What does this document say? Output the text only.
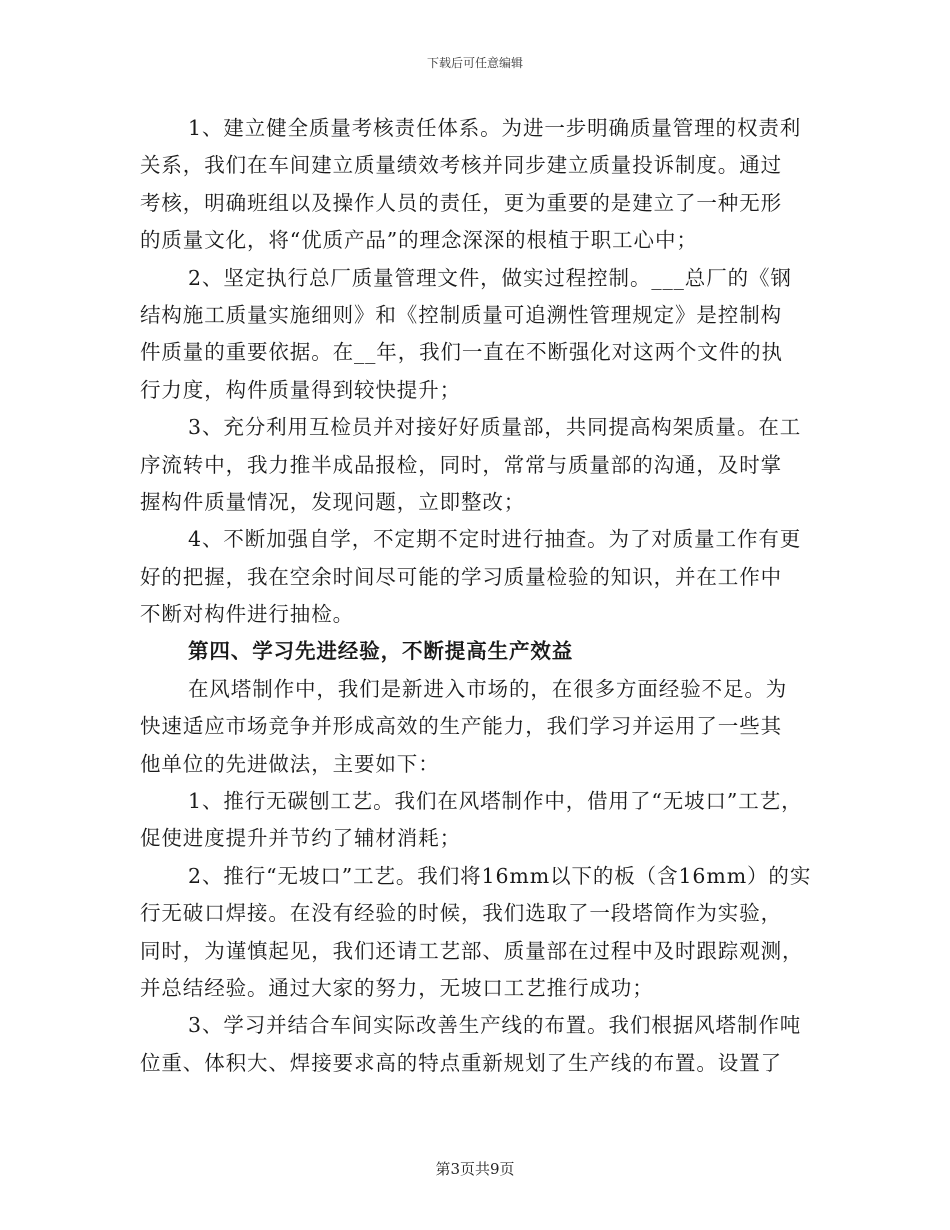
下载后可任意编辑
1、建立健全质量考核责任体系。为进一步明确质量管理的权责利
关系，我们在车间建立质量绩效考核并同步建立质量投诉制度。通过
考核，明确班组以及操作人员的责任，更为重要的是建立了一种无形
的质量文化，将“优质产品”的理念深深的根植于职工心中；
2、坚定执行总厂质量管理文件，做实过程控制。___总厂的《钢
结构施工质量实施细则》和《控制质量可追溯性管理规定》是控制构
件质量的重要依据。在__年，我们一直在不断强化对这两个文件的执
行力度，构件质量得到较快提升；
3、充分利用互检员并对接好好质量部，共同提高构架质量。在工
序流转中，我力推半成品报检，同时，常常与质量部的沟通，及时掌
握构件质量情况，发现问题，立即整改；
4、不断加强自学，不定期不定时进行抽查。为了对质量工作有更
好的把握，我在空余时间尽可能的学习质量检验的知识，并在工作中
不断对构件进行抽检。
第四、学习先进经验，不断提高生产效益
在风塔制作中，我们是新进入市场的，在很多方面经验不足。为
快速适应市场竞争并形成高效的生产能力，我们学习并运用了一些其
他单位的先进做法，主要如下：
1、推行无碳刨工艺。我们在风塔制作中，借用了“无坡口”工艺，
促使进度提升并节约了辅材消耗；
2、推行“无坡口”工艺。我们将16mm以下的板（含16mm）的实
行无破口焊接。在没有经验的时候，我们选取了一段塔筒作为实验，
同时，为谨慎起见，我们还请工艺部、质量部在过程中及时跟踪观测，
并总结经验。通过大家的努力，无坡口工艺推行成功；
3、学习并结合车间实际改善生产线的布置。我们根据风塔制作吨
位重、体积大、焊接要求高的特点重新规划了生产线的布置。设置了
第3页共9页
